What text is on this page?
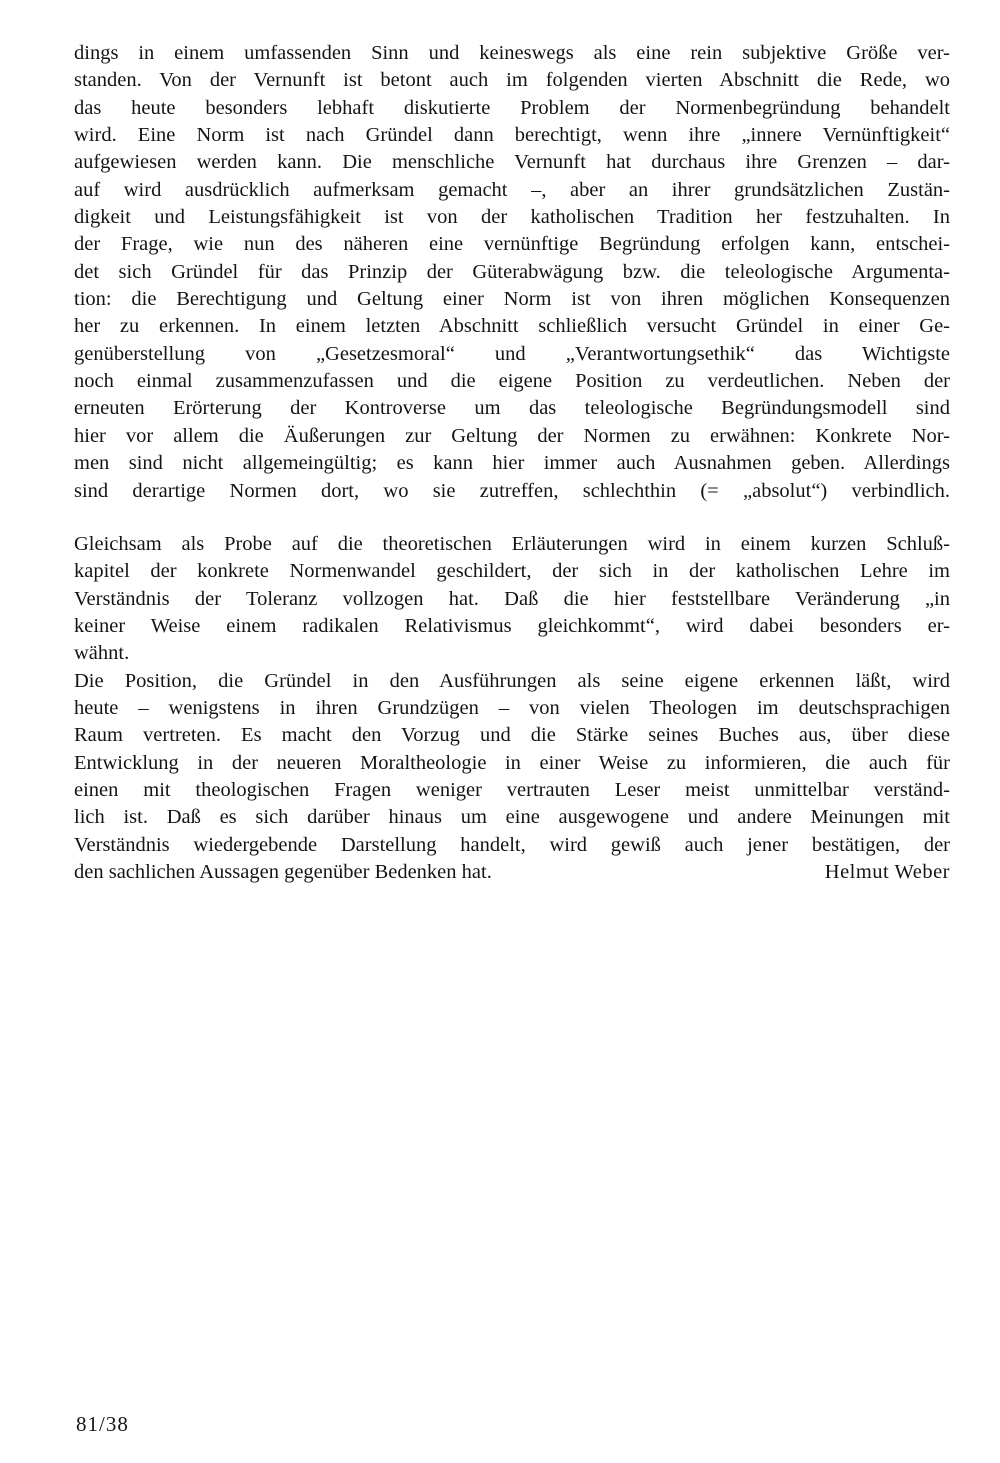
dings in einem umfassenden Sinn und keineswegs als eine rein subjektive Größe ver-
standen. Von der Vernunft ist betont auch im folgenden vierten Abschnitt die Rede, wo
das heute besonders lebhaft diskutierte Problem der Normenbegründung behandelt
wird. Eine Norm ist nach Gründel dann berechtigt, wenn ihre „innere Vernünftigkeit“
aufgewiesen werden kann. Die menschliche Vernunft hat durchaus ihre Grenzen – dar-
auf wird ausdrücklich aufmerksam gemacht –, aber an ihrer grundsätzlichen Zustän-
digkeit und Leistungsfähigkeit ist von der katholischen Tradition her festzuhalten. In
der Frage, wie nun des näheren eine vernünftige Begründung erfolgen kann, entschei-
det sich Gründel für das Prinzip der Güterabwägung bzw. die teleologische Argumenta-
tion: die Berechtigung und Geltung einer Norm ist von ihren möglichen Konsequenzen
her zu erkennen. In einem letzten Abschnitt schließlich versucht Gründel in einer Ge-
genüberstellung von „Gesetzesmoral“ und „Verantwortungsethik“ das Wichtigste
noch einmal zusammenzufassen und die eigene Position zu verdeutlichen. Neben der
erneuten Erörterung der Kontroverse um das teleologische Begründungsmodell sind
hier vor allem die Äußerungen zur Geltung der Normen zu erwähnen: Konkrete Nor-
men sind nicht allgemeingültig; es kann hier immer auch Ausnahmen geben. Allerdings
sind derartige Normen dort, wo sie zutreffen, schlechthin (= „absolut“) verbindlich.

Gleichsam als Probe auf die theoretischen Erläuterungen wird in einem kurzen Schluß-
kapitel der konkrete Normenwandel geschildert, der sich in der katholischen Lehre im
Verständnis der Toleranz vollzogen hat. Daß die hier feststellbare Veränderung „in
keiner Weise einem radikalen Relativismus gleichkommt“, wird dabei besonders er-
wähnt.

Die Position, die Gründel in den Ausführungen als seine eigene erkennen läßt, wird
heute – wenigstens in ihren Grundzügen – von vielen Theologen im deutschsprachigen
Raum vertreten. Es macht den Vorzug und die Stärke seines Buches aus, über diese
Entwicklung in der neueren Moraltheologie in einer Weise zu informieren, die auch für
einen mit theologischen Fragen weniger vertrauten Leser meist unmittelbar verständ-
lich ist. Daß es sich darüber hinaus um eine ausgewogene und andere Meinungen mit
Verständnis wiedergebende Darstellung handelt, wird gewiß auch jener bestätigen, der
den sachlichen Aussagen gegenüber Bedenken hat.	Helmut Weber

81/38
